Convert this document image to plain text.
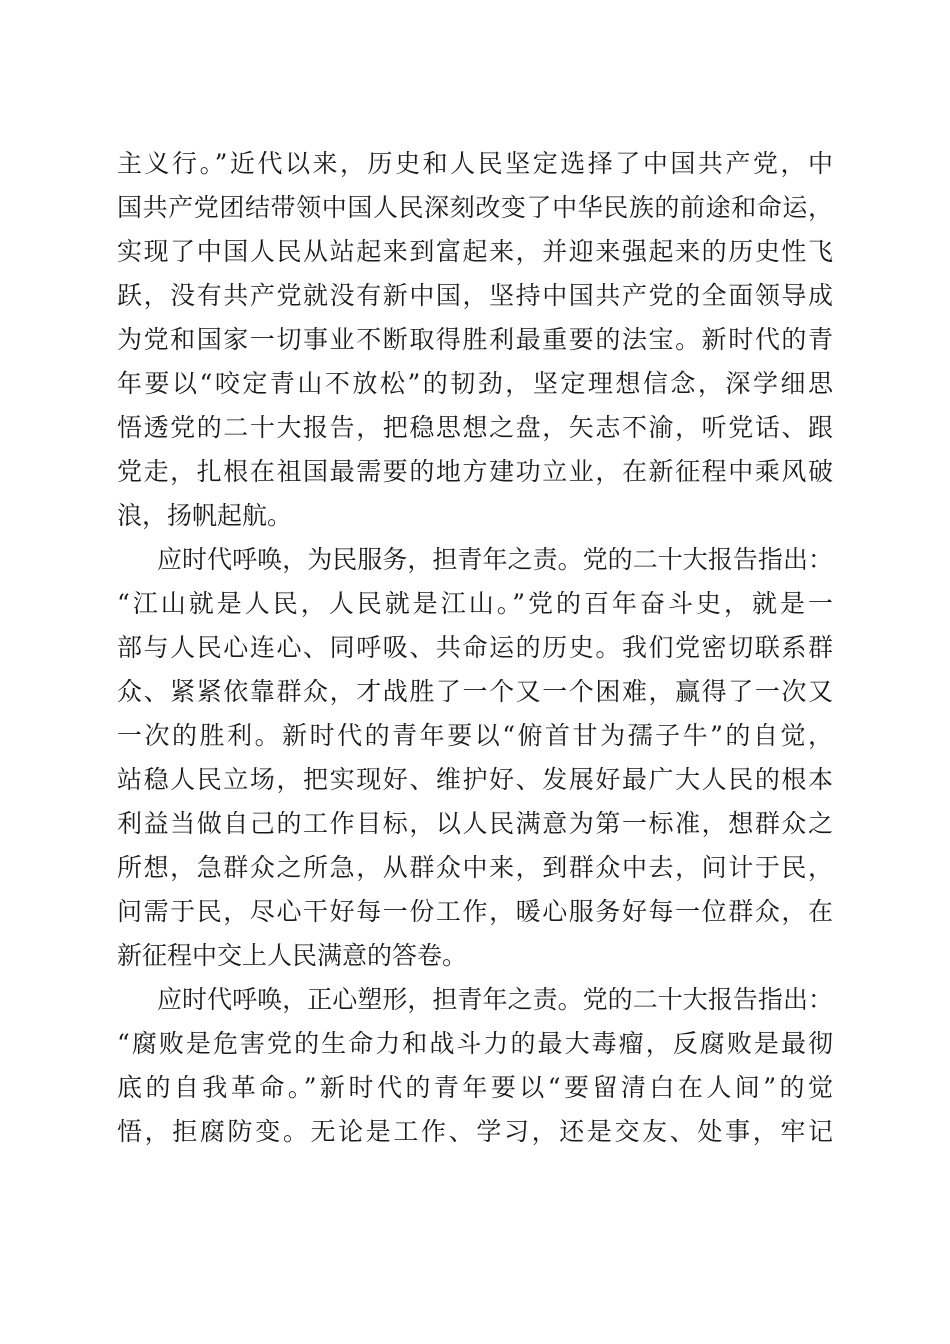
主义行。”近代以来，历史和人民坚定选择了中国共产党，中

国共产党团结带领中国人民深刻改变了中华民族的前途和命运，

实现了中国人民从站起来到富起来，并迎来强起来的历史性飞

跃，没有共产党就没有新中国，坚持中国共产党的全面领导成

为党和国家一切事业不断取得胜利最重要的法宝。新时代的青

年要以“咬定青山不放松”的韧劲，坚定理想信念，深学细思

悟透党的二十大报告，把稳思想之盘，矢志不渝，听党话、跟

党走，扎根在祖国最需要的地方建功立业，在新征程中乘风破

浪，扬帆起航。

应时代呼唤，为民服务，担青年之责。党的二十大报告指出：

“江山就是人民，人民就是江山。”党的百年奋斗史，就是一

部与人民心连心、同呼吸、共命运的历史。我们党密切联系群

众、紧紧依靠群众，才战胜了一个又一个困难，赢得了一次又

一次的胜利。新时代的青年要以“俯首甘为孺子牛”的自觉，

站稳人民立场，把实现好、维护好、发展好最广大人民的根本

利益当做自己的工作目标，以人民满意为第一标准，想群众之

所想，急群众之所急，从群众中来，到群众中去，问计于民，

问需于民，尽心干好每一份工作，暖心服务好每一位群众，在

新征程中交上人民满意的答卷。

应时代呼唤，正心塑形，担青年之责。党的二十大报告指出：

“腐败是危害党的生命力和战斗力的最大毒瘤，反腐败是最彻

底的自我革命。”新时代的青年要以“要留清白在人间”的觉

悟，拒腐防变。无论是工作、学习，还是交友、处事，牢记
